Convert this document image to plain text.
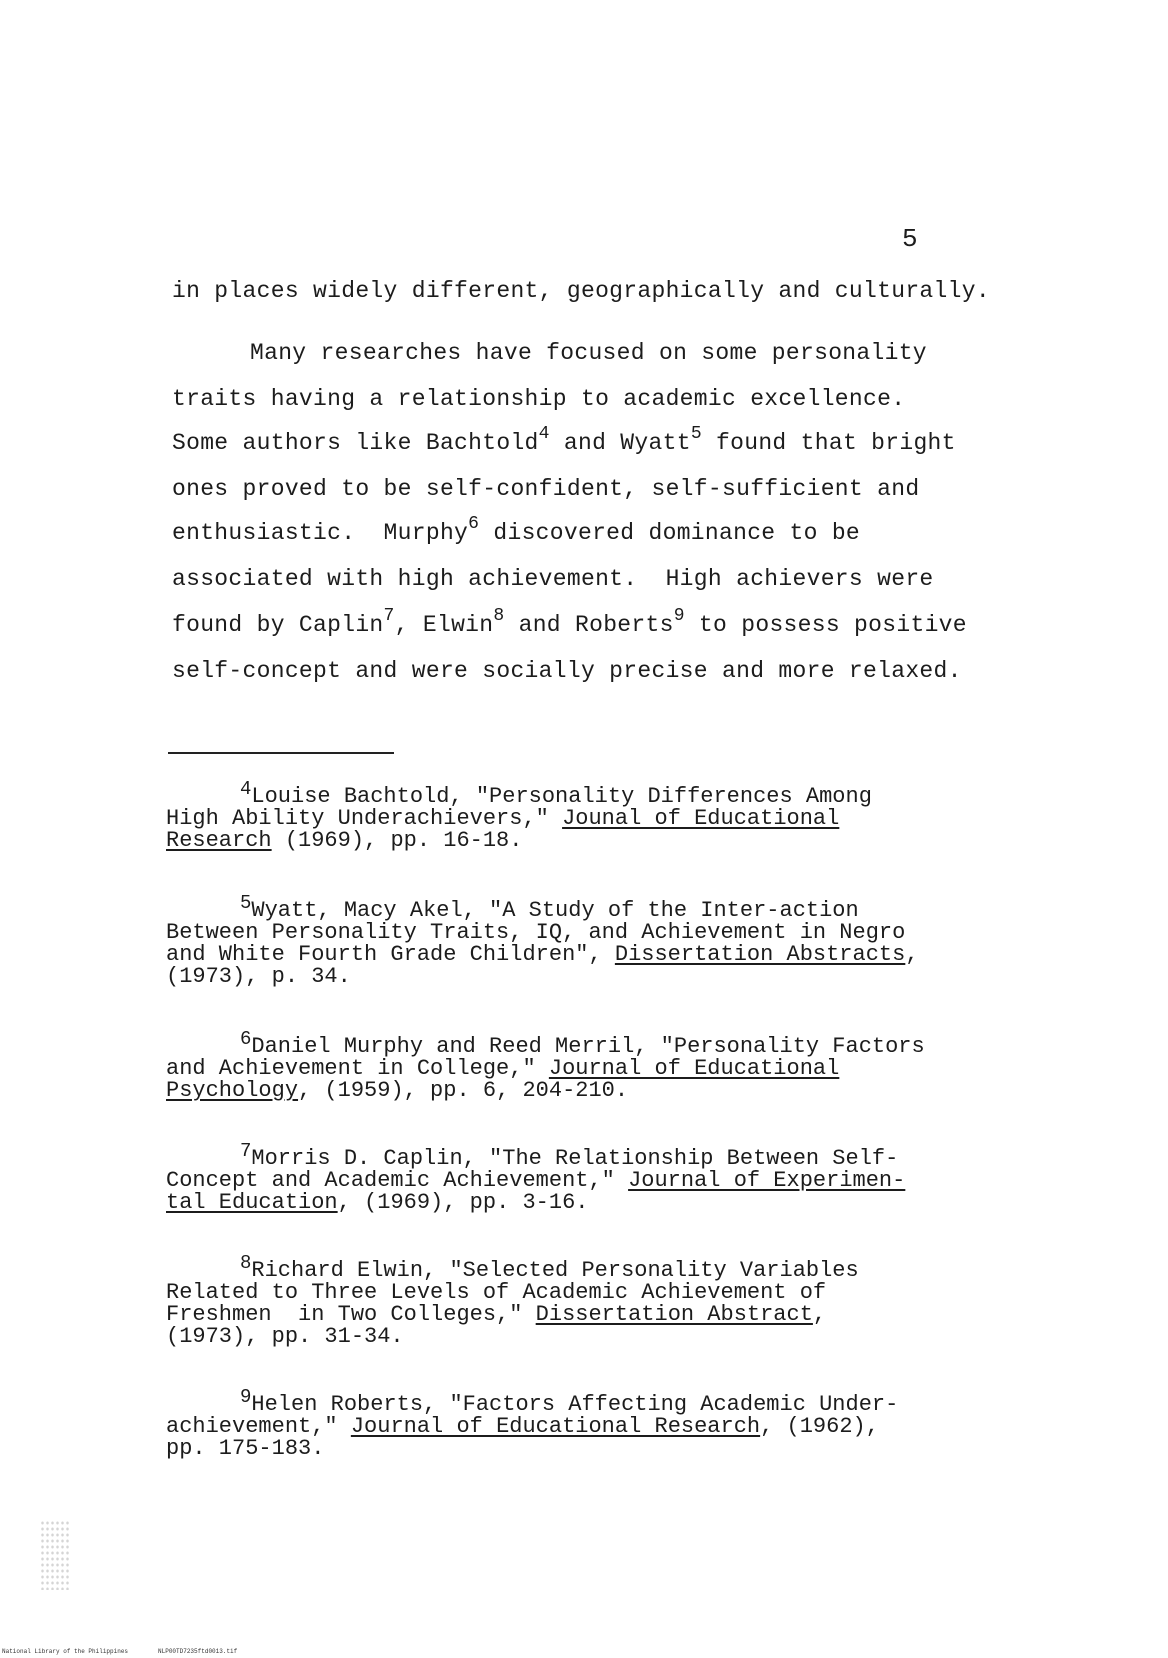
5
in places widely different, geographically and culturally.
Many researches have focused on some personality
traits having a relationship to academic excellence.
Some authors like Bachtold$^4$ and Wyatt$^5$ found that bright
ones proved to be self-confident, self-sufficient and
enthusiastic.  Murphy$^6$ discovered dominance to be
associated with high achievement.  High achievers were
found by Caplin$^7$, Elwin$^8$ and Roberts$^9$ to possess positive
self-concept and were socially precise and more relaxed.
$^4$Louise Bachtold, "Personality Differences Among
High Ability Underachievers," Jounal of Educational
Research (1969), pp. 16-18.
$^5$Wyatt, Macy Akel, "A Study of the Inter-action
Between Personality Traits, IQ, and Achievement in Negro
and White Fourth Grade Children", Dissertation Abstracts,
(1973), p. 34.
$^6$Daniel Murphy and Reed Merril, "Personality Factors
and Achievement in College," Journal of Educational
Psychology, (1959), pp. 6, 204-210.
$^7$Morris D. Caplin, "The Relationship Between Self-
Concept and Academic Achievement," Journal of Experimen-
tal Education, (1969), pp. 3-16.
$^8$Richard Elwin, "Selected Personality Variables
Related to Three Levels of Academic Achievement of
Freshmen  in Two Colleges," Dissertation Abstract,
(1973), pp. 31-34.
$^9$Helen Roberts, "Factors Affecting Academic Under-
achievement," Journal of Educational Research, (1962),
pp. 175-183.
National Library of the Philippines	NLP00TD7235ftd0013.tif
